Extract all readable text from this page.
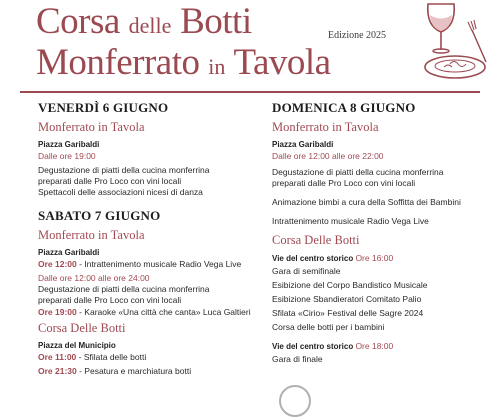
Corsa delle Botti
Monferrato in Tavola
Edizione 2025
VENERDÌ 6 GIUGNO
Monferrato in Tavola
Piazza Garibaldi
Dalle ore 19:00
Degustazione di piatti della cucina monferrina
preparati dalle Pro Loco con vini locali
Spettacoli delle associazioni nicesi di danza
SABATO 7 GIUGNO
Monferrato in Tavola
Piazza Garibaldi
Ore 12:00 - Intrattenimento musicale Radio Vega Live
Dalle ore 12:00 alle ore 24:00
Degustazione di piatti della cucina monferrina
preparati dalle Pro Loco con vini locali
Ore 19:00 - Karaoke «Una città che canta» Luca Galtieri
Corsa Delle Botti
Piazza del Municipio
Ore 11:00 - Sfilata delle botti
Ore 21:30 - Pesatura e marchiatura botti
DOMENICA 8 GIUGNO
Monferrato in Tavola
Piazza Garibaldi
Dalle ore 12:00 alle ore 22:00
Degustazione di piatti della cucina monferrina
preparati dalle Pro Loco con vini locali
Animazione bimbi a cura della Soffitta dei Bambini
Intrattenimento musicale Radio Vega Live
Corsa Delle Botti
Vie del centro storico Ore 16:00
Gara di semifinale
Esibizione del Corpo Bandistico Musicale
Esibizione Sbandieratori Comitato Palio
Sfilata «Cirio» Festival delle Sagre 2024
Corsa delle botti per i bambini
Vie del centro storico Ore 18:00
Gara di finale
